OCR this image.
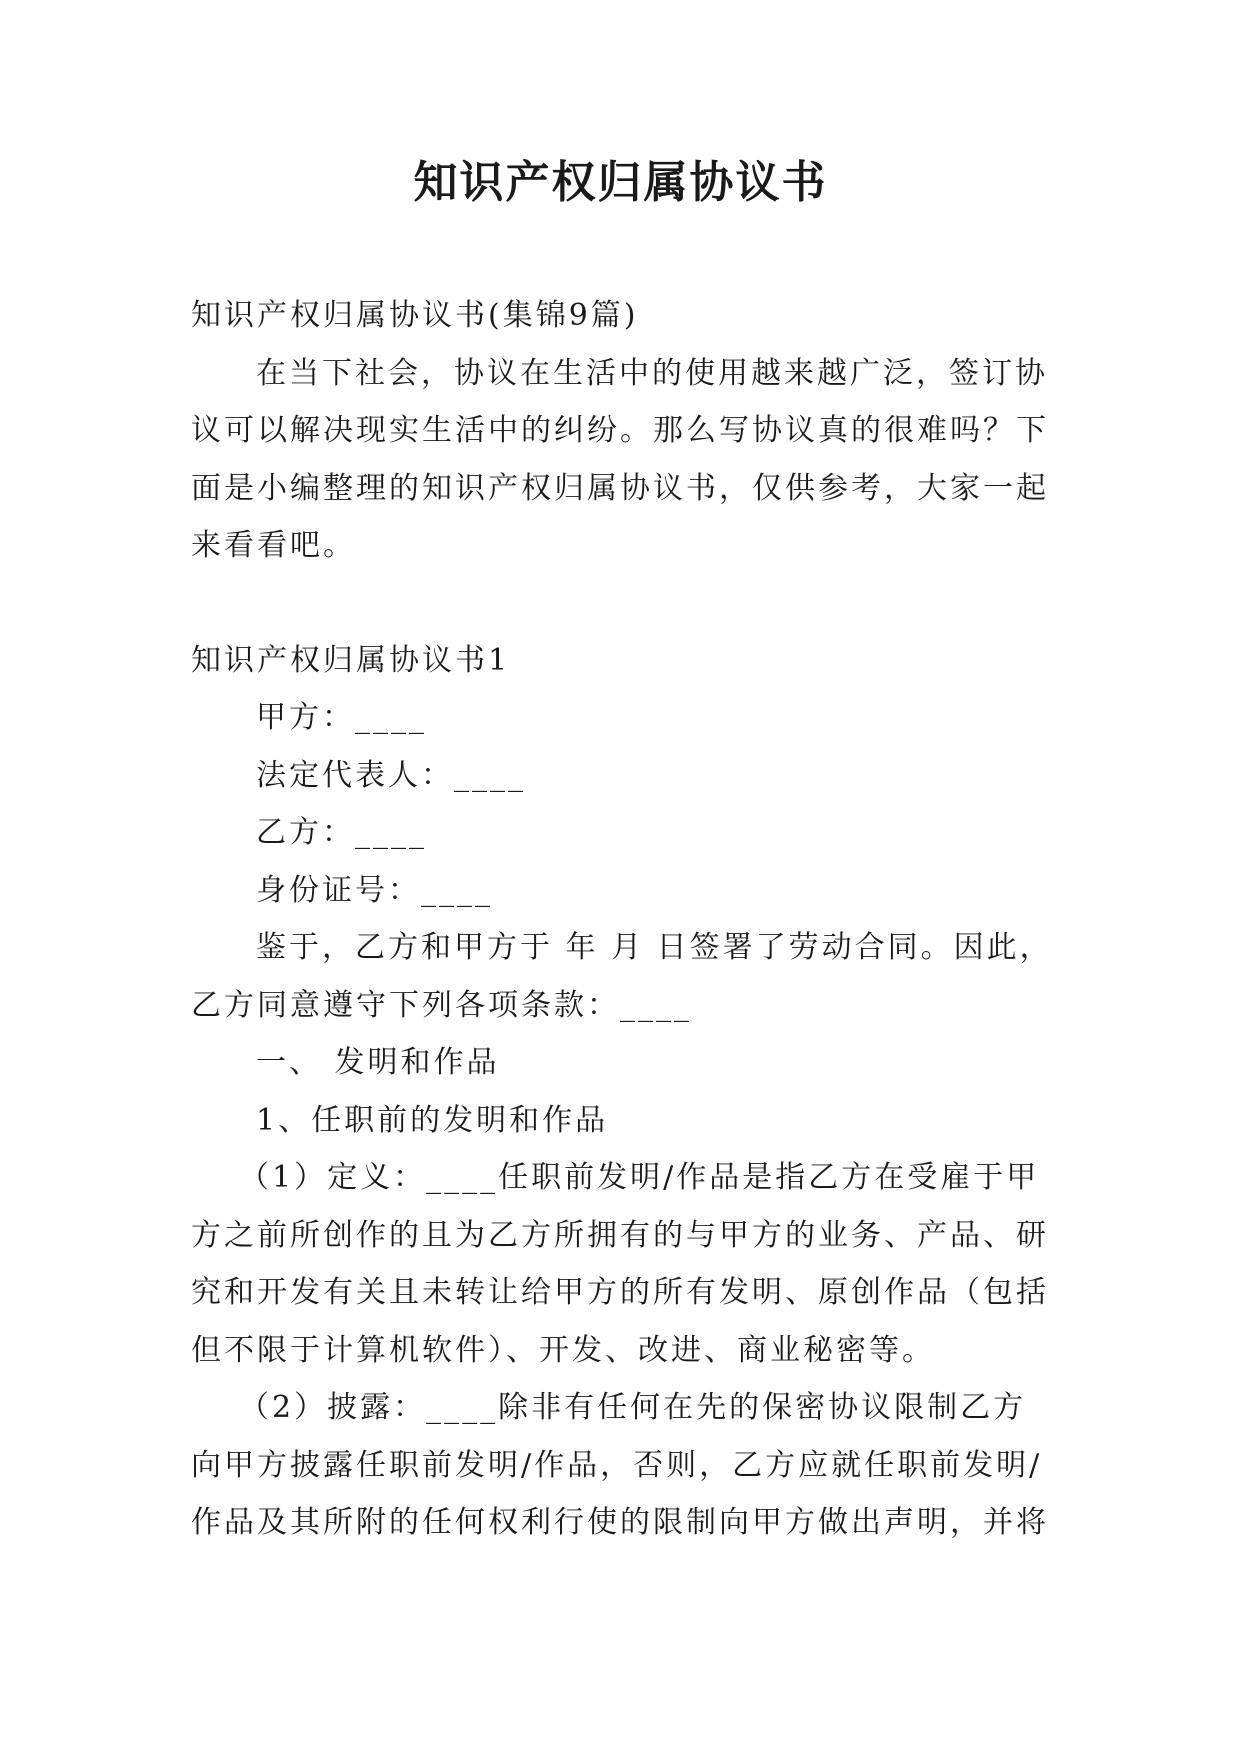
知识产权归属协议书
知识产权归属协议书(集锦9篇)
在当下社会，协议在生活中的使用越来越广泛，签订协
议可以解决现实生活中的纠纷。那么写协议真的很难吗？下
面是小编整理的知识产权归属协议书，仅供参考，大家一起
来看看吧。
知识产权归属协议书1
甲方：____
法定代表人：____
乙方：____
身份证号：____
鉴于，乙方和甲方于 年 月 日签署了劳动合同。因此，
乙方同意遵守下列各项条款：____
一、 发明和作品
1、任职前的发明和作品
（1）定义：____任职前发明/作品是指乙方在受雇于甲
方之前所创作的且为乙方所拥有的与甲方的业务、产品、研
究和开发有关且未转让给甲方的所有发明、原创作品（包括
但不限于计算机软件）、开发、改进、商业秘密等。
（2）披露：____除非有任何在先的保密协议限制乙方
向甲方披露任职前发明/作品，否则，乙方应就任职前发明/
作品及其所附的任何权利行使的限制向甲方做出声明，并将
